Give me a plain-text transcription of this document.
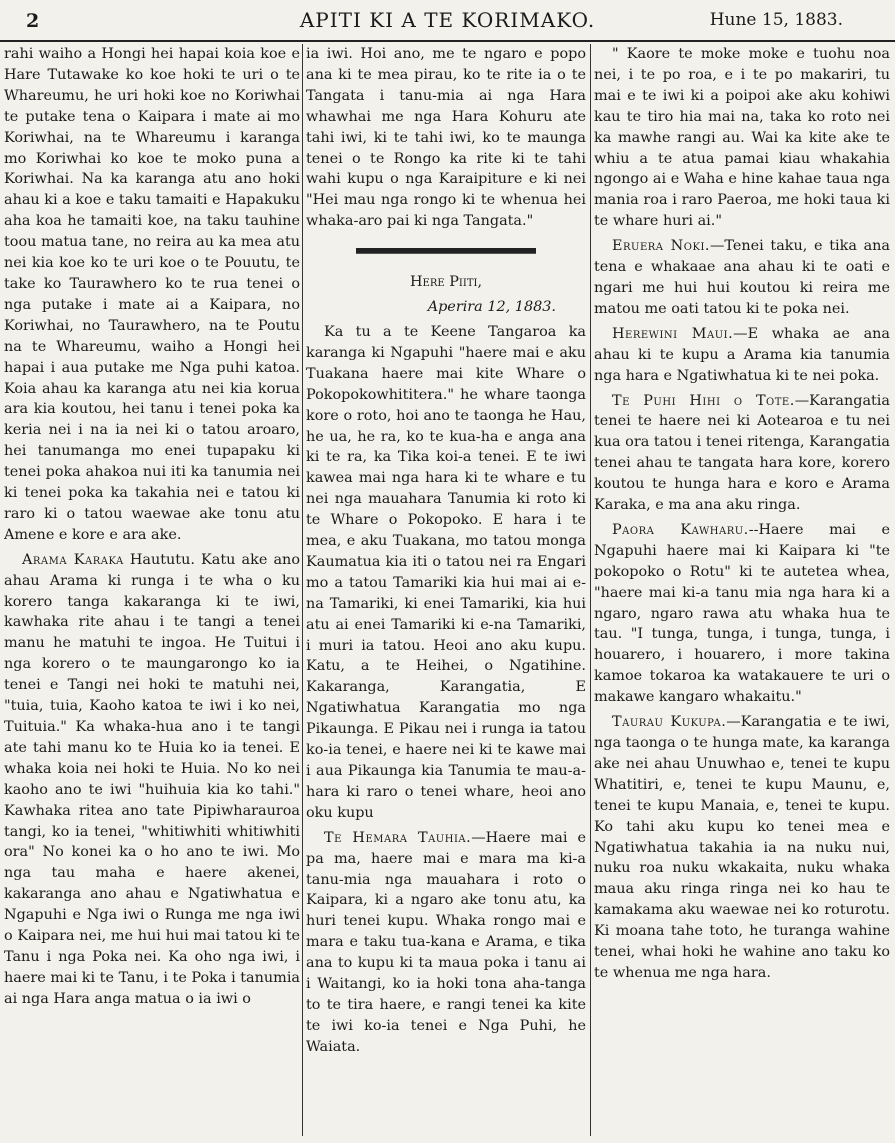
2	APITI KI A TE KORIMAKO.	Hune 15, 1883.

rahi waiho a Hongi hei hapai koia koe e Hare Tutawake ko koe hoki te uri o te Whareumu, he uri hoki koe no Koriwhai te putake tena o Kaipara i mate ai mo Koriwhai, na te Whareumu i karanga mo Koriwhai ko koe te moko puna a Koriwhai. Na ka karanga atu ano hoki ahau ki a koe e taku tamaiti e Hapakuku aha koa he tamaiti koe, na taku tauhine toou matua tane, no reira au ka mea atu nei kia koe ko te uri koe o te Pouutu, te take ko Taurawhero ko te rua tenei o nga putake i mate ai a Kaipara, no Koriwhai, no Taurawhero, na te Poutu na te Whareumu, waiho a Hongi hei hapai i aua putake me Nga puhi katoa. Koia ahau ka karanga atu nei kia korua ara kia koutou, hei tanu i tenei poka ka keria nei i na ia nei ki o tatou aroaro, hei tanumanga mo enei tupapaku ki tenei poka ahakoa nui iti ka tanumia nei ki tenei poka ka takahia nei e tatou ki raro ki o tatou waewae ake tonu atu Amene e kore e ara ake.

Arama Karaka Haututu. Katu ake ano ahau Arama ki runga i te wha o ku korero tanga kakaranga ki te iwi, kawhaka rite ahau i te tangi a tenei manu he matuhi te ingoa. He Tuitui i nga korero o te maungarongo ko ia tenei e Tangi nei hoki te matuhi nei, "tuia, tuia, Kaoho katoa te iwi i ko nei, Tuituia." Ka whaka-hua ano i te tangi ate tahi manu ko te Huia ko ia tenei. E whaka koia nei hoki te Huia. No ko nei kaoho ano te iwi "huihuia kia ko tahi." Kawhaka ritea ano tate Pipiwharauroa tangi, ko ia tenei, "whitiwhiti whitiwhiti ora" No konei ka o ho ano te iwi. Mo nga tau maha e haere akenei, kakaranga ano ahau e Ngatiwhatua e Ngapuhi e Nga iwi o Runga me nga iwi o Kaipara nei, me hui hui mai tatou ki te Tanu i nga Poka nei. Ka oho nga iwi, i haere mai ki te Tanu, i te Poka i tanumia ai nga Hara anga matua o ia iwi o

ia iwi. Hoi ano, me te ngaro e popo ana ki te mea pirau, ko te rite ia o te Tangata i tanu-mia ai nga Hara whawhai me nga Hara Kohuru ate tahi iwi, ki te tahi iwi, ko te maunga tenei o te Rongo ka rite ki te tahi wahi kupu o nga Karaipiture e ki nei "Hei mau nga rongo ki te whenua hei whaka-aro pai ki nga Tangata."

Here Piiti,

Aperira 12, 1883.

Ka tu a te Keene Tangaroa ka karanga ki Ngapuhi "haere mai e aku Tuakana haere mai kite Whare o Pokopokowhititera." he whare taonga kore o roto, hoi ano te taonga he Hau, he ua, he ra, ko te kua-ha e anga ana ki te ra, ka Tika koi-a tenei. E te iwi kawea mai nga hara ki te whare e tu nei nga mauahara Tanumia ki roto ki te Whare o Pokopoko. E hara i te mea, e aku Tuakana, mo tatou monga Kaumatua kia iti o tatou nei ra Engari mo a tatou Tamariki kia hui mai ai e-na Tamariki, ki enei Tamariki, kia hui atu ai enei Tamariki ki e-na Tamariki, i muri ia tatou. Heoi ano aku kupu. Katu, a te Heihei, o Ngatihine. Kakaranga, Karangatia, E Ngatiwhatua Karangatia mo nga Pikaunga. E Pikau nei i runga ia tatou ko-ia tenei, e haere nei ki te kawe mai i aua Pikaunga kia Tanumia te mau-a-hara ki raro o tenei whare, heoi ano oku kupu

Te Hemara Tauhia.—Haere mai e pa ma, haere mai e mara ma ki-a tanu-mia nga mauahara i roto o Kaipara, ki a ngaro ake tonu atu, ka huri tenei kupu. Whaka rongo mai e mara e taku tua-kana e Arama, e tika ana to kupu ki ta maua poka i tanu ai i Waitangi, ko ia hoki tona aha-tanga to te tira haere, e rangi tenei ka kite te iwi ko-ia tenei e Nga Puhi, he Waiata.

" Kaore te moke moke e tuohu noa nei, i te po roa, e i te po makariri, tu mai e te iwi ki a poipoi ake aku kohiwi kau te tiro hia mai na, taka ko roto nei ka mawhe rangi au. Wai ka kite ake te whiu a te atua pamai kiau whakahia ngongo ai e Waha e hine kahae taua nga mania roa i raro Paeroa, me hoki taua ki te whare huri ai."

Eruera Noki.—Tenei taku, e tika ana tena e whakaae ana ahau ki te oati e ngari me hui hui koutou ki reira me matou me oati tatou ki te poka nei.

Herewini Maui.—E whaka ae ana ahau ki te kupu a Arama kia tanumia nga hara e Ngatiwhatua ki te nei poka.

Te Puhi Hihi o Tote.—Karangatia tenei te haere nei ki Aotearoa e tu nei kua ora tatou i tenei ritenga, Karangatia tenei ahau te tangata hara kore, korero koutou te hunga hara e koro e Arama Karaka, e ma ana aku ringa.

Paora Kawharu.--Haere mai e Ngapuhi haere mai ki Kaipara ki "te pokopoko o Rotu" ki te autetea whea, "haere mai ki-a tanu mia nga hara ki a ngaro, ngaro rawa atu whaka hua te tau. "I tunga, tunga, i tunga, tunga, i houarero, i houarero, i more takina kamoe tokaroa ka watakauere te uri o makawe kangaro whakaitu."

Taurau Kukupa.—Karangatia e te iwi, nga taonga o te hunga mate, ka karanga ake nei ahau Unuwhao e, tenei te kupu Whatitiri, e, tenei te kupu Maunu, e, tenei te kupu Manaia, e, tenei te kupu. Ko tahi aku kupu ko tenei mea e Ngatiwhatua takahia ia na nuku nui, nuku roa nuku wkakaita, nuku whaka maua aku ringa ringa nei ko hau te kamakama aku waewae nei ko roturotu. Ki moana tahe toto, he turanga wahine tenei, whai hoki he wahine ano taku ko te whenua me nga hara.
